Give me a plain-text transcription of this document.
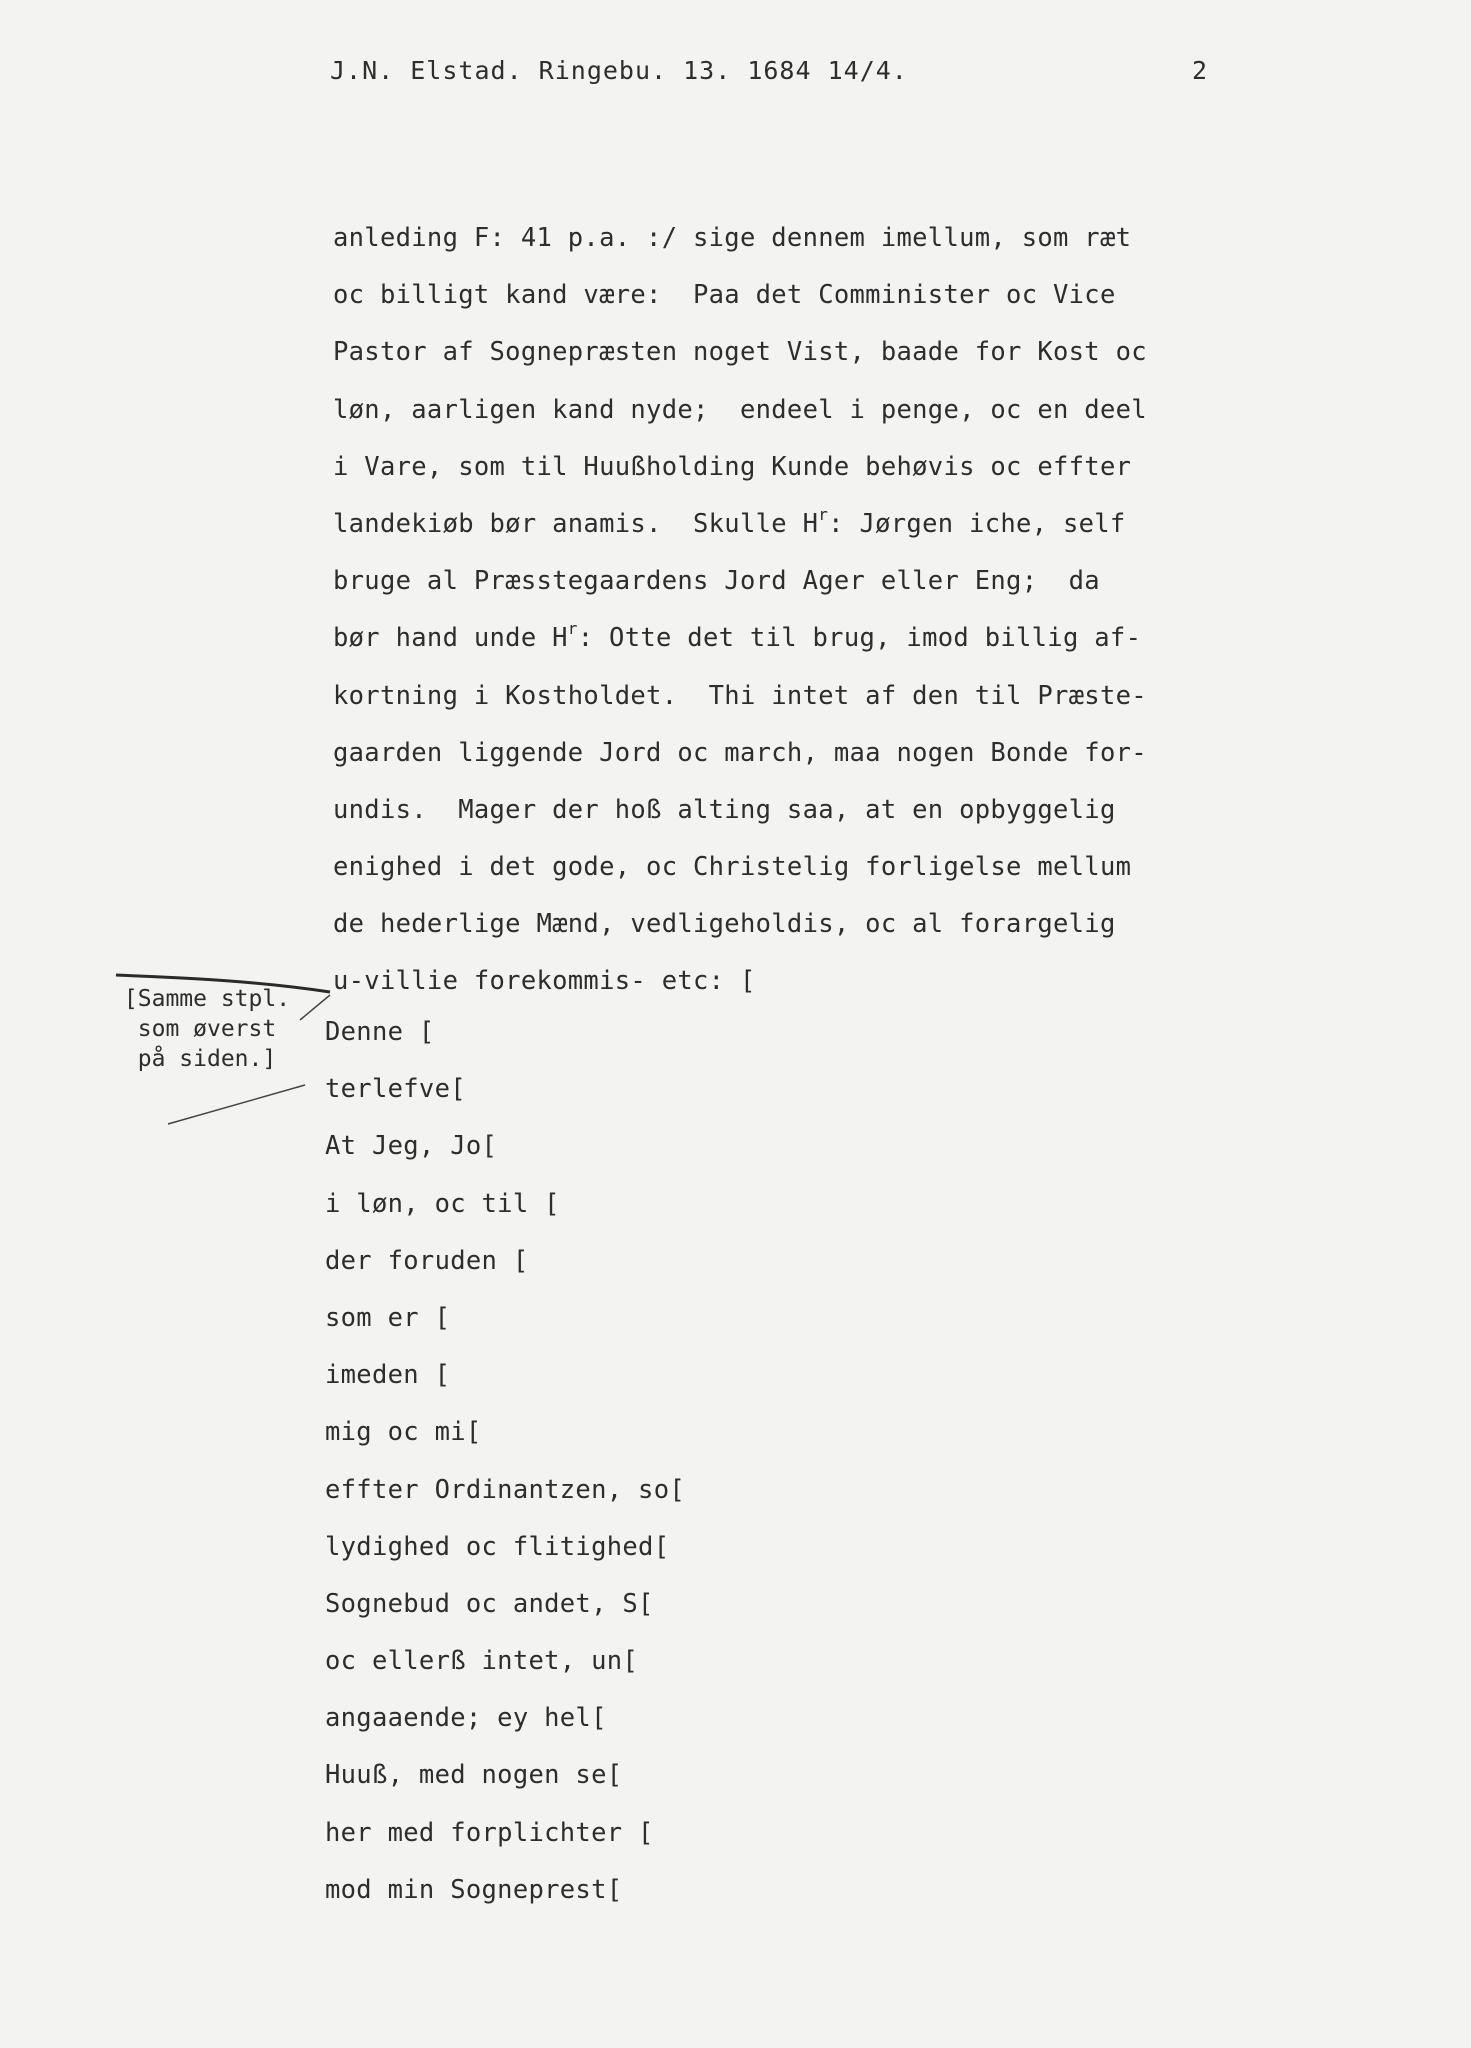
J.N. Elstad. Ringebu. 13. 1684 14/4.	2
anleding F: 41 p.a. :/ sige dennem imellum, som ræt
oc billigt kand være:  Paa det Comminister oc Vice
Pastor af Sognepræsten noget Vist, baade for Kost oc
løn, aarligen kand nyde;  endeel i penge, oc en deel
i Vare, som til Huußholding Kunde behøvis oc effter
landekiøb bør anamis.  Skulle $H^r$: Jørgen iche, self
bruge al Præsstegaardens Jord Ager eller Eng;  da
bør hand unde $H^r$: Otte det til brug, imod billig af-
kortning i Kostholdet.  Thi intet af den til Præste-
gaarden liggende Jord oc march, maa nogen Bonde for-
undis.  Mager der hoß alting saa, at en opbyggelig
enighed i det gode, oc Christelig forligelse mellum
de hederlige Mænd, vedligeholdis, oc al forargelig
u-villie forekommis- etc: [
Denne [
terlefve[
At Jeg, Jo[
i løn, oc til [
der foruden [
som er [
imeden [
mig oc mi[
effter Ordinantzen, so[
lydighed oc flitighed[
Sognebud oc andet, S[
oc ellerß intet, un[
angaaende; ey hel[
Huuß, med nogen se[
her med forplichter [
mod min Sogneprest[
[Samme stpl.
som øverst
på siden.]
